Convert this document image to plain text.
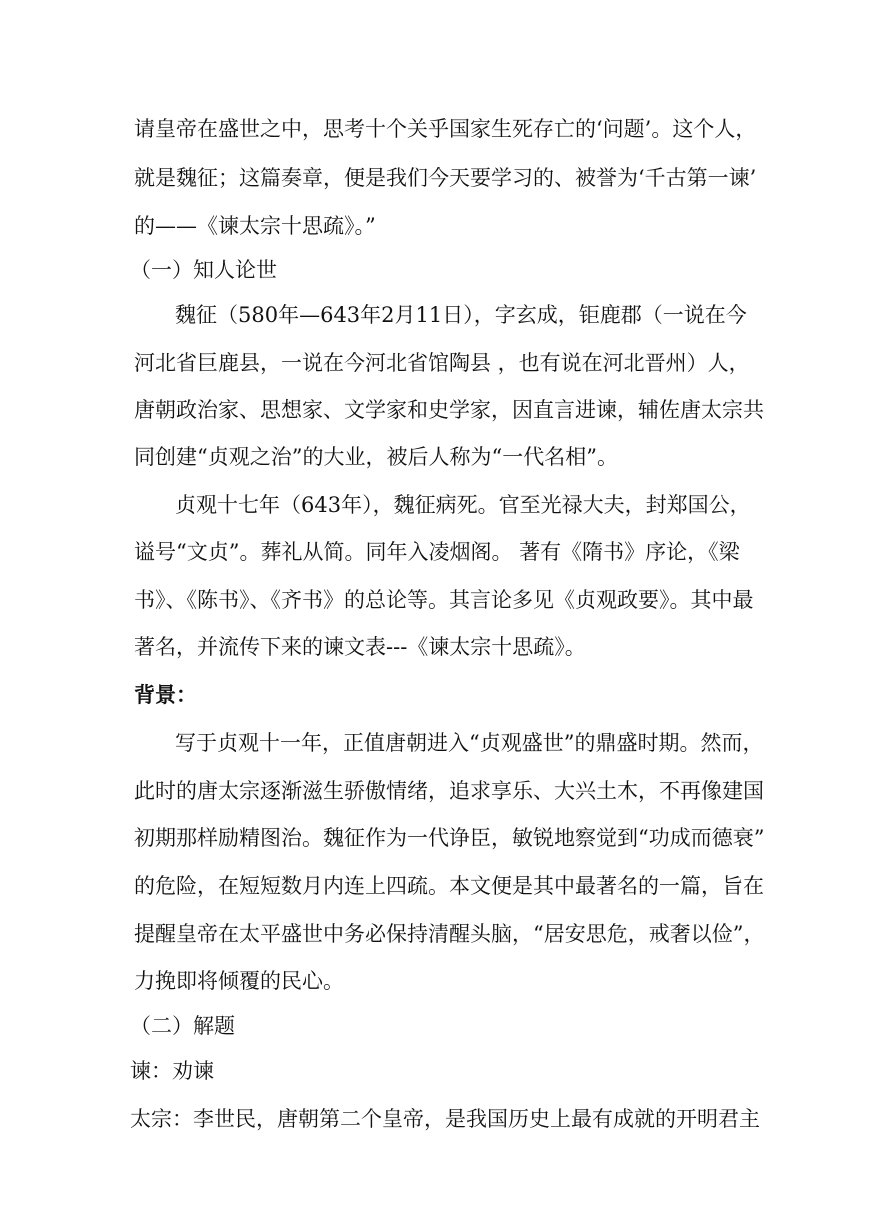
请皇帝在盛世之中，思考十个关乎国家生死存亡的‘问题’。这个人，
就是魏征；这篇奏章，便是我们今天要学习的、被誉为‘千古第一谏’
的——《谏太宗十思疏》。”
（一）知人论世
魏征（580年—643年2月11日），字玄成，钜鹿郡（一说在今
河北省巨鹿县，一说在今河北省馆陶县 ，也有说在河北晋州）人，
唐朝政治家、思想家、文学家和史学家，因直言进谏，辅佐唐太宗共
同创建“贞观之治”的大业，被后人称为“一代名相”。
贞观十七年（643年），魏征病死。官至光禄大夫，封郑国公，
谥号“文贞”。葬礼从简。同年入凌烟阁。 著有《隋书》序论，《梁
书》、《陈书》、《齐书》的总论等。其言论多见《贞观政要》。其中最
著名，并流传下来的谏文表---《谏太宗十思疏》。
背景：
写于贞观十一年，正值唐朝进入“贞观盛世”的鼎盛时期。然而，
此时的唐太宗逐渐滋生骄傲情绪，追求享乐、大兴土木，不再像建国
初期那样励精图治。魏征作为一代诤臣，敏锐地察觉到“功成而德衰”
的危险，在短短数月内连上四疏。本文便是其中最著名的一篇，旨在
提醒皇帝在太平盛世中务必保持清醒头脑，“居安思危，戒奢以俭”，
力挽即将倾覆的民心。
（二）解题
谏：劝谏
太宗：李世民，唐朝第二个皇帝，是我国历史上最有成就的开明君主
